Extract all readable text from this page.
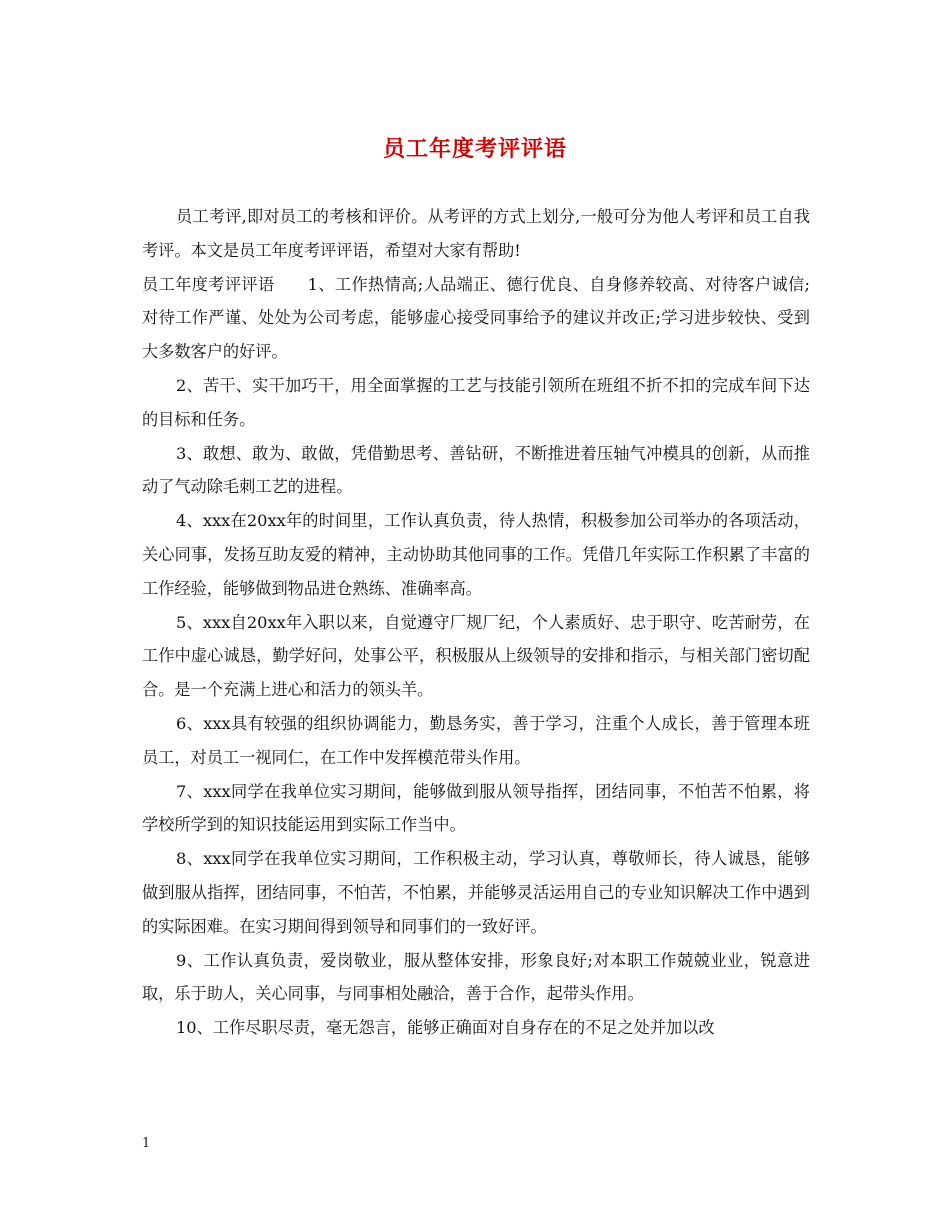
员工年度考评评语

员工考评,即对员工的考核和评价。从考评的方式上划分,一般可分为他人考评和员工自我考评。本文是员工年度考评评语，希望对大家有帮助!

员工年度考评评语　　1、工作热情高;人品端正、德行优良、自身修养较高、对待客户诚信;对待工作严谨、处处为公司考虑，能够虚心接受同事给予的建议并改正;学习进步较快、受到大多数客户的好评。

2、苦干、实干加巧干，用全面掌握的工艺与技能引领所在班组不折不扣的完成车间下达的目标和任务。

3、敢想、敢为、敢做，凭借勤思考、善钻研，不断推进着压轴气冲模具的创新，从而推动了气动除毛刺工艺的进程。

4、xxx在20xx年的时间里，工作认真负责，待人热情，积极参加公司举办的各项活动，关心同事，发扬互助友爱的精神，主动协助其他同事的工作。凭借几年实际工作积累了丰富的工作经验，能够做到物品进仓熟练、准确率高。

5、xxx自20xx年入职以来，自觉遵守厂规厂纪，个人素质好、忠于职守、吃苦耐劳，在工作中虚心诚恳，勤学好问，处事公平，积极服从上级领导的安排和指示，与相关部门密切配合。是一个充满上进心和活力的领头羊。

6、xxx具有较强的组织协调能力，勤恳务实，善于学习，注重个人成长，善于管理本班员工，对员工一视同仁，在工作中发挥模范带头作用。

7、xxx同学在我单位实习期间，能够做到服从领导指挥，团结同事，不怕苦不怕累，将学校所学到的知识技能运用到实际工作当中。

8、xxx同学在我单位实习期间，工作积极主动，学习认真，尊敬师长，待人诚恳，能够做到服从指挥，团结同事，不怕苦，不怕累，并能够灵活运用自己的专业知识解决工作中遇到的实际困难。在实习期间得到领导和同事们的一致好评。

9、工作认真负责，爱岗敬业，服从整体安排，形象良好;对本职工作兢兢业业，锐意进取，乐于助人，关心同事，与同事相处融洽，善于合作，起带头作用。

10、工作尽职尽责，毫无怨言，能够正确面对自身存在的不足之处并加以改

1
